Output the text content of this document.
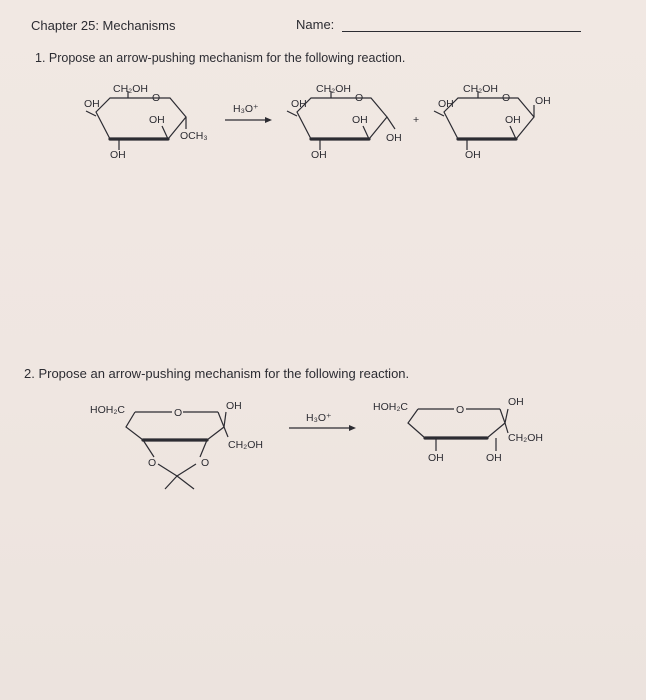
Chapter 25: Mechanisms	Name:
1. Propose an arrow-pushing mechanism for the following reaction.
2. Propose an arrow-pushing mechanism for the following reaction.
CH₂OH
OH	O
OH
OCH₃
OH
H₃O⁺
CH₂OH
OH	O
OH
OH
OH
+
CH₂OH
OH	O OH
OH
OH
HOH₂C	O
OH
CH₂OH
O	O
H₃O⁺
HOH₂C	O
OH
CH₂OH
OH	OH
